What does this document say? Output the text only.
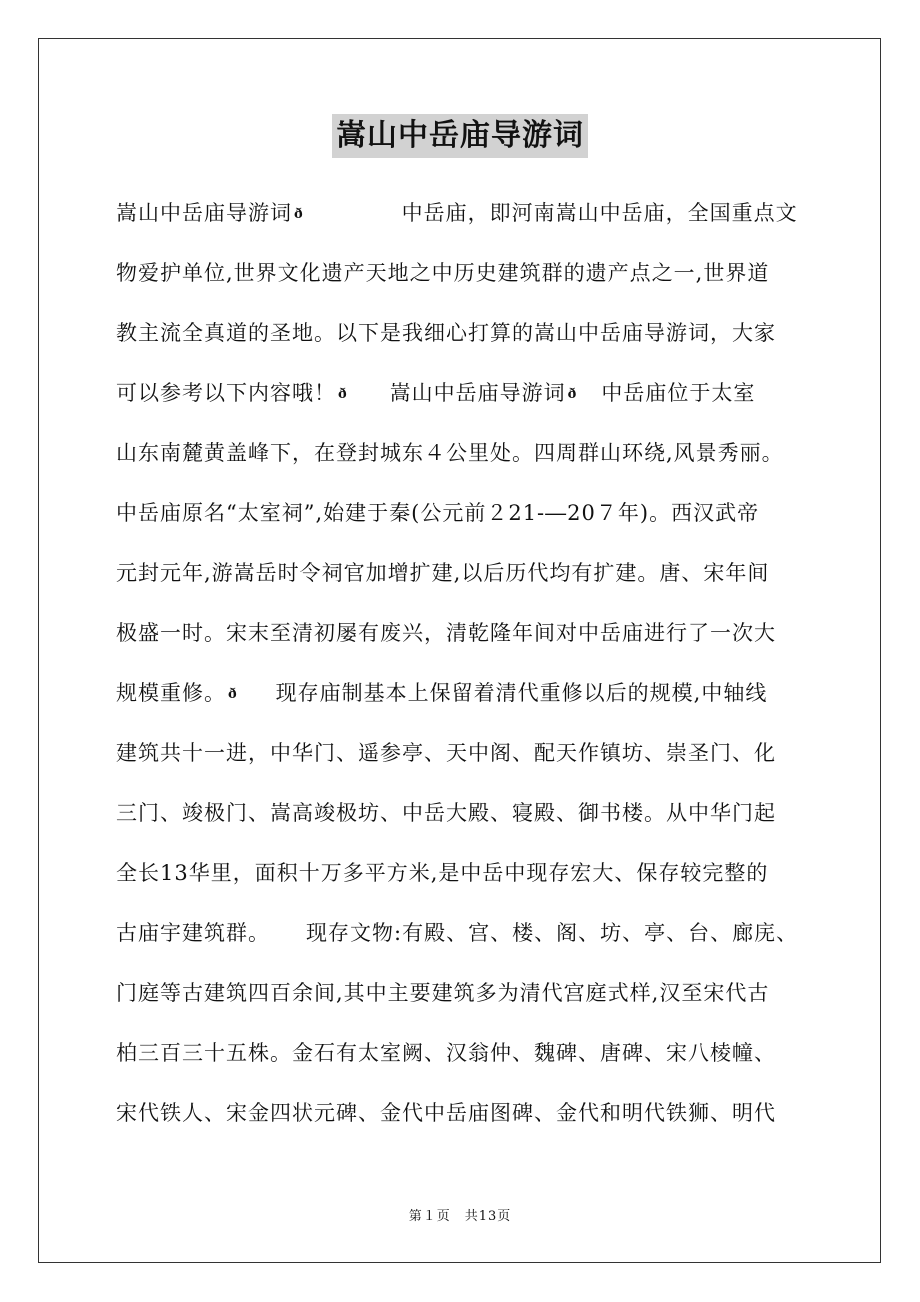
嵩山中岳庙导游词
嵩山中岳庙导游词 ð	中岳庙，即河南嵩山中岳庙，全国重点文
物爱护单位,世界文化遗产天地之中历史建筑群的遗产点之一,世界道
教主流全真道的圣地。以下是我细心打算的嵩山中岳庙导游词，大家
可以参考以下内容哦！ ð 嵩山中岳庙导游词 ð 中岳庙位于太室
山东南麓黄盖峰下，在登封城东４公里处。四周群山环绕,风景秀丽。
中岳庙原名“太室祠”,始建于秦(公元前２21-―20７年)。西汉武帝
元封元年,游嵩岳时令祠官加增扩建,以后历代均有扩建。唐、宋年间
极盛一时。宋末至清初屡有废兴，清乾隆年间对中岳庙进行了一次大
规模重修。 ð 现存庙制基本上保留着清代重修以后的规模,中轴线
建筑共十一进，中华门、遥参亭、天中阁、配天作镇坊、崇圣门、化
三门、竣极门、嵩高竣极坊、中岳大殿、寝殿、御书楼。从中华门起
全长13华里，面积十万多平方米,是中岳中现存宏大、保存较完整的
古庙宇建筑群。 现存文物:有殿、宫、楼、阁、坊、亭、台、廊庑、
门庭等古建筑四百余间,其中主要建筑多为清代宫庭式样,汉至宋代古
柏三百三十五株。金石有太室阙、汉翁仲、魏碑、唐碑、宋八棱幢、
宋代铁人、宋金四状元碑、金代中岳庙图碑、金代和明代铁狮、明代
第１页　共13页
